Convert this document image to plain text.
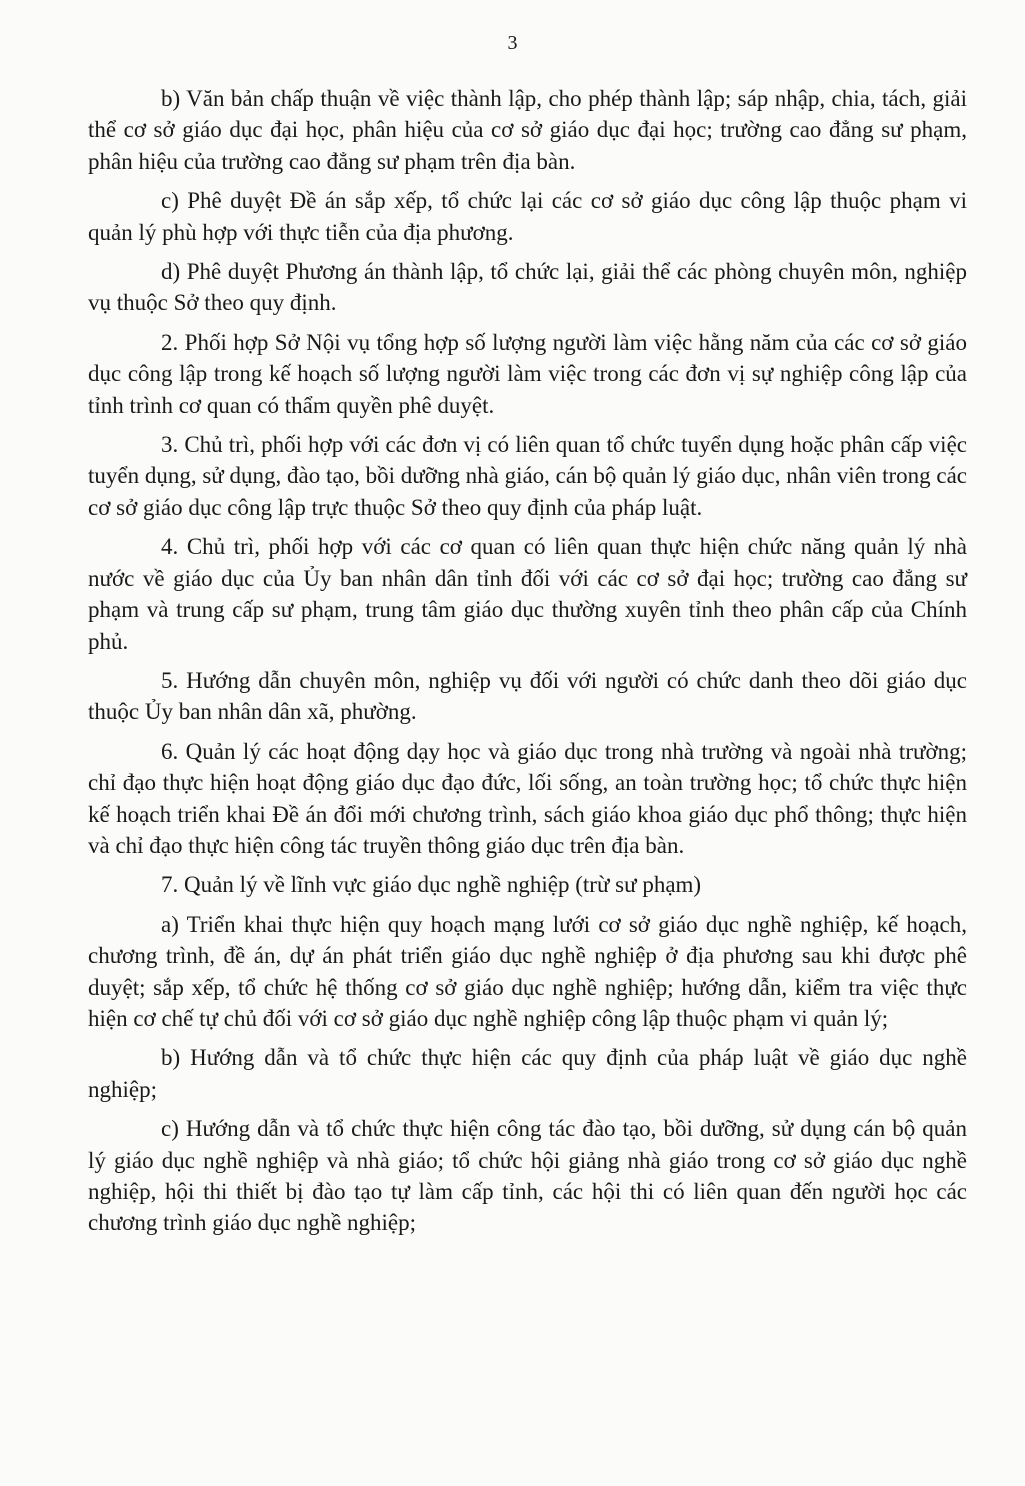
3

b) Văn bản chấp thuận về việc thành lập, cho phép thành lập; sáp nhập, chia, tách, giải thể cơ sở giáo dục đại học, phân hiệu của cơ sở giáo dục đại học; trường cao đẳng sư phạm, phân hiệu của trường cao đẳng sư phạm trên địa bàn.

c) Phê duyệt Đề án sắp xếp, tổ chức lại các cơ sở giáo dục công lập thuộc phạm vi quản lý phù hợp với thực tiễn của địa phương.

d) Phê duyệt Phương án thành lập, tổ chức lại, giải thể các phòng chuyên môn, nghiệp vụ thuộc Sở theo quy định.

2. Phối hợp Sở Nội vụ tổng hợp số lượng người làm việc hằng năm của các cơ sở giáo dục công lập trong kế hoạch số lượng người làm việc trong các đơn vị sự nghiệp công lập của tỉnh trình cơ quan có thẩm quyền phê duyệt.

3. Chủ trì, phối hợp với các đơn vị có liên quan tổ chức tuyển dụng hoặc phân cấp việc tuyển dụng, sử dụng, đào tạo, bồi dưỡng nhà giáo, cán bộ quản lý giáo dục, nhân viên trong các cơ sở giáo dục công lập trực thuộc Sở theo quy định của pháp luật.

4. Chủ trì, phối hợp với các cơ quan có liên quan thực hiện chức năng quản lý nhà nước về giáo dục của Ủy ban nhân dân tỉnh đối với các cơ sở đại học; trường cao đẳng sư phạm và trung cấp sư phạm, trung tâm giáo dục thường xuyên tỉnh theo phân cấp của Chính phủ.

5. Hướng dẫn chuyên môn, nghiệp vụ đối với người có chức danh theo dõi giáo dục thuộc Ủy ban nhân dân xã, phường.

6. Quản lý các hoạt động dạy học và giáo dục trong nhà trường và ngoài nhà trường; chỉ đạo thực hiện hoạt động giáo dục đạo đức, lối sống, an toàn trường học; tổ chức thực hiện kế hoạch triển khai Đề án đổi mới chương trình, sách giáo khoa giáo dục phổ thông; thực hiện và chỉ đạo thực hiện công tác truyền thông giáo dục trên địa bàn.

7. Quản lý về lĩnh vực giáo dục nghề nghiệp (trừ sư phạm)

a) Triển khai thực hiện quy hoạch mạng lưới cơ sở giáo dục nghề nghiệp, kế hoạch, chương trình, đề án, dự án phát triển giáo dục nghề nghiệp ở địa phương sau khi được phê duyệt; sắp xếp, tổ chức hệ thống cơ sở giáo dục nghề nghiệp; hướng dẫn, kiểm tra việc thực hiện cơ chế tự chủ đối với cơ sở giáo dục nghề nghiệp công lập thuộc phạm vi quản lý;

b) Hướng dẫn và tổ chức thực hiện các quy định của pháp luật về giáo dục nghề nghiệp;

c) Hướng dẫn và tổ chức thực hiện công tác đào tạo, bồi dưỡng, sử dụng cán bộ quản lý giáo dục nghề nghiệp và nhà giáo; tổ chức hội giảng nhà giáo trong cơ sở giáo dục nghề nghiệp, hội thi thiết bị đào tạo tự làm cấp tỉnh, các hội thi có liên quan đến người học các chương trình giáo dục nghề nghiệp;
